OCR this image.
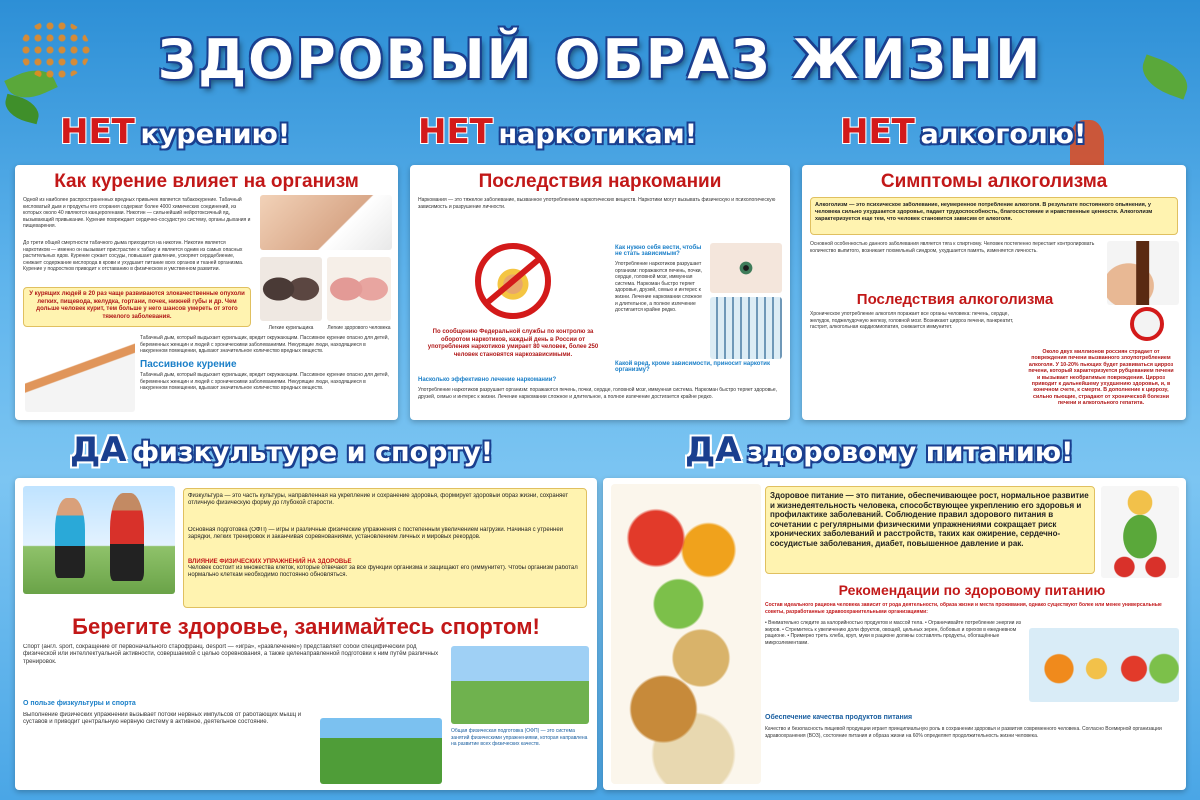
ЗДОРОВЫЙ ОБРАЗ ЖИЗНИ
НЕТ курению!	НЕТ наркотикам!	НЕТ алкоголю!
Как курение влияет на организм
Одной из наиболее распространенных вредных привычек является табакокурение. Табачный кисловатый дым и продукты его сгорания содержат более 4000 химических соединений, из которых около 40 являются канцерогенами. Никотин — сильнейший нейротоксичный яд, вызывающий привыкание. Курение повреждает сердечно-сосудистую систему, органы дыхания и пищеварения.
До трети общей смертности табачного дыма приходится на никотин. Никотин является наркотиком — именно он вызывает пристрастие к табаку и является одним из самых опасных растительных ядов. Курение сужает сосуды, повышает давление, ускоряет сердцебиение, снижает содержание кислорода в крови и ухудшает питание всех органов и тканей организма. Курение у подростков приводит к отставанию в физическом и умственном развитии.
Легкие курильщика	Легкие здорового человека
У курящих людей в 20 раз чаще развиваются злокачественные опухоли легких, пищевода, желудка, гортани, почек, нижней губы и др. Чем дольше человек курит, тем больше у него шансов умереть от этого тяжелого заболевания.
Табачный дым, который выдыхает курильщик, вредит окружающим. Пассивное курение опасно для детей, беременных женщин и людей с хроническими заболеваниями. Некурящие люди, находящиеся в накуренном помещении, вдыхают значительное количество вредных веществ.
Пассивное курение
Табачный дым, который выдыхает курильщик, вредит окружающим. Пассивное курение опасно для детей, беременных женщин и людей с хроническими заболеваниями. Некурящие люди, находящиеся в накуренном помещении, вдыхают значительное количество вредных веществ.
Последствия наркомании
Наркомания — это тяжелое заболевание, вызванное употреблением наркотических веществ. Наркотики могут вызывать физическую и психологическую зависимость и разрушение личности.
По сообщению Федеральной службы по контролю за оборотом наркотиков, каждый день в России от употребления наркотиков умирает 80 человек, более 250 человек становятся наркозависимыми.
Как нужно себя вести, чтобы не стать зависимым?
Употребление наркотиков разрушает организм: поражаются печень, почки, сердце, головной мозг, иммунная система. Наркоман быстро теряет здоровье, друзей, семью и интерес к жизни. Лечение наркомании сложное и длительное, а полное излечение достигается крайне редко.
Какой вред, кроме зависимости, приносит наркотик организму?
Насколько эффективно лечение наркомании?
Употребление наркотиков разрушает организм: поражаются печень, почки, сердце, головной мозг, иммунная система. Наркоман быстро теряет здоровье, друзей, семью и интерес к жизни. Лечение наркомании сложное и длительное, а полное излечение достигается крайне редко.
Симптомы алкоголизма
Алкоголизм — это психическое заболевание, неумеренное потребление алкоголя. В результате постоянного опьянения, у человека сильно ухудшается здоровье, падает трудоспособность, благосостояние и нравственные ценности. Алкоголизм характеризуется еще тем, что человек становится зависим от алкоголя.
Основной особенностью данного заболевания является тяга к спиртному. Человек постепенно перестает контролировать количество выпитого, возникает похмельный синдром, ухудшается память, изменяется личность.
Последствия алкоголизма
Хроническое употребление алкоголя поражает все органы человека: печень, сердце, желудок, поджелудочную железу, головной мозг. Возникают цирроз печени, панкреатит, гастрит, алкогольная кардиомиопатия, снижается иммунитет.
Около двух миллионов россиян страдает от повреждения печени вызванного злоупотреблением алкоголя. У 10-20% пьющих будет развиваться цирроз печени, который характеризуется рубцеванием печени и вызывает необратимые повреждения. Цирроз приводит к дальнейшему ухудшению здоровья, и, в конечном счете, к смерти. В дополнение к циррозу, сильно пьющие, страдают от хронической болезни печени и алкогольного гепатита.
ДА физкультуре и спорту!	ДА здоровому питанию!
Физкультура — это часть культуры, направленная на укрепление и сохранение здоровья, формирует здоровый образ жизни, сохраняет отличную физическую форму до глубокой старости.
Основная подготовка (ОФП) — игры и различные физические упражнения с постепенным увеличением нагрузки. Начиная с утренней зарядки, легких тренировок и заканчивая соревнованиями, установлением личных и мировых рекордов.
ВЛИЯНИЕ ФИЗИЧЕСКИХ УПРАЖНЕНИЙ НА ЗДОРОВЬЕ
Человек состоит из множества клеток, которые отвечают за все функции организма и защищают его (иммунитет). Чтобы организм работал нормально клеткам необходимо постоянно обновляться.
Берегите здоровье, занимайтесь спортом!
Спорт (англ. sport, сокращение от первоначального старофранц. desport — «игра», «развлечение») представляет собой специфический род физической или интеллектуальной активности, совершаемой с целью соревнования, а также целенаправленной подготовки к ним путём различных тренировок.
О пользе физкультуры и спорта
Выполнение физических упражнений вызывает потоки нервных импульсов от работающих мышц и суставов и приводит центральную нервную систему в активное, деятельное состояние.
Общая физическая подготовка (ОФП) — это система занятий физическими упражнениями, которая направлена на развитие всех физических качеств.
Здоровое питание — это питание, обеспечивающее рост, нормальное развитие и жизнедеятельность человека, способствующее укреплению его здоровья и профилактике заболеваний. Соблюдение правил здорового питания в сочетании с регулярными физическими упражнениями сокращает риск хронических заболеваний и расстройств, таких как ожирение, сердечно-сосудистые заболевания, диабет, повышенное давление и рак.
Рекомендации по здоровому питанию
Состав идеального рациона человека зависит от рода деятельности, образа жизни и места проживания, однако существуют более или менее универсальные советы, разработанные здравоохранительными организациями:
• Внимательно следите за калорийностью продуктов и массой тела. • Ограничивайте потребление энергии из жиров. • Стремитесь к увеличению доли фруктов, овощей, цельных зерен, бобовых и орехов в ежедневном рационе. • Примерно треть хлеба, круп, муки в рационе должны составлять продукты, обогащённые микроэлементами.
Обеспечение качества продуктов питания
Качество и безопасность пищевой продукции играет принципиальную роль в сохранении здоровья и развития современного человека. Согласно Всемирной организации здравоохранения (ВОЗ), состояние питания и образа жизни на 60% определяет продолжительность жизни человека.
